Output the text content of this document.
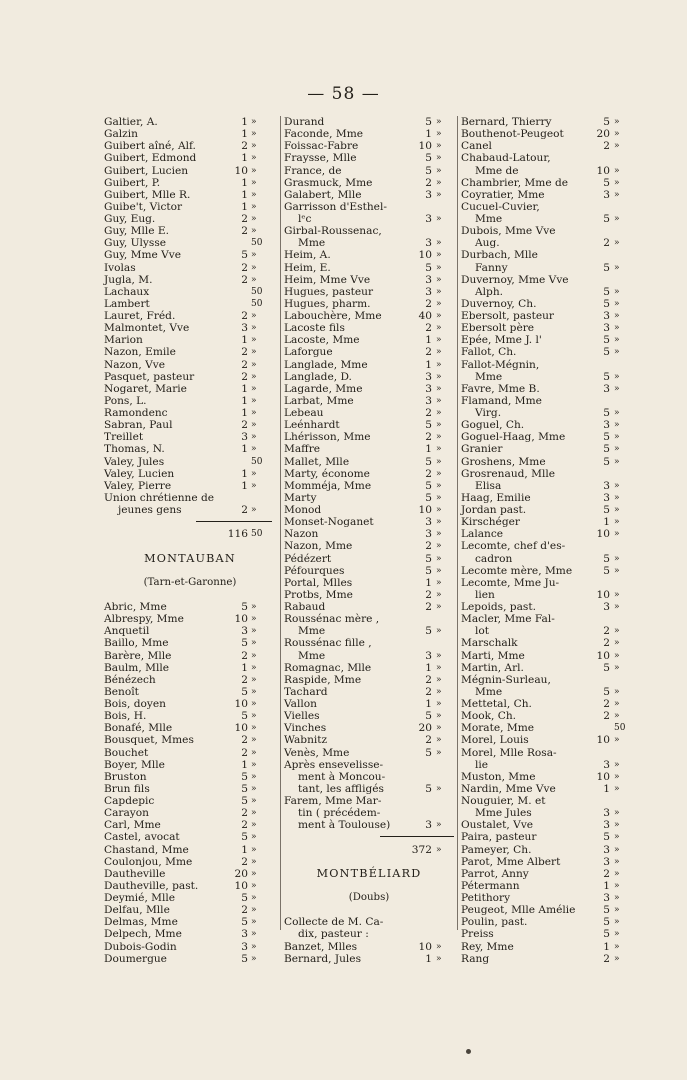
— 58 —
Galtier, A.	1 »
Galzin	1 »
Guibert aîné, Alf.	2 »
Guibert, Edmond	1 »
Guibert, Lucien	10 »
Guibert, P.	1 »
Guibert, Mlle R.	1 »
Guibe't, Victor	1 »
Guy, Eug.	2 »
Guy, Mlle E.	2 »
Guy, Ulysse	50
Guy, Mme Vve	5 »
Ivolas	2 »
Jugla, M.	2 »
Lachaux	50
Lambert	50
Lauret, Fréd.	2 »
Malmontet, Vve	3 »
Marion	1 »
Nazon, Emile	2 »
Nazon, Vve	2 »
Pasquet, pasteur	2 »
Nogaret, Marie	1 »
Pons, L.	1 »
Ramondenc	1 »
Sabran, Paul	2 »
Treillet	3 »
Thomas, N.	1 »
Valey, Jules	50
Valey, Lucien	1 »
Valey, Pierre	1 »
Union chrétienne de
jeunes gens	2 »
116 50
MONTAUBAN
(Tarn-et-Garonne)
Abric, Mme	5 »
Albrespy, Mme	10 »
Anquetil	3 »
Baillo, Mme	5 »
Barère, Mlle	2 »
Baulm, Mlle	1 »
Bénézech	2 »
Benoît	5 »
Bois, doyen	10 »
Bois, H.	5 »
Bonafé, Mlle	10 »
Bousquet, Mmes	2 »
Bouchet	2 »
Boyer, Mlle	1 »
Bruston	5 »
Brun fils	5 »
Capdepic	5 »
Carayon	2 »
Carl, Mme	2 »
Castel, avocat	5 »
Chastand, Mme	1 »
Coulonjou, Mme	2 »
Dautheville	20 »
Dautheville, past.	10 »
Deymié, Mlle	5 »
Delfau, Mlle	2 »
Delmas, Mme	5 »
Delpech, Mme	3 »
Dubois-Godin	3 »
Doumergue	5 »
Durand	5 »
Faconde, Mme	1 »
Foissac-Fabre	10 »
Fraysse, Mlle	5 »
France, de	5 »
Grasmuck, Mme	2 »
Galabert, Mlle	3 »
Garrisson d'Esthel-
lᵉc	3 »
Girbal-Roussenac,
Mme	3 »
Heim, A.	10 »
Heim, E.	5 »
Heim, Mme Vve	3 »
Hugues, pasteur	3 »
Hugues, pharm.	2 »
Labouchère, Mme	40 »
Lacoste fils	2 »
Lacoste, Mme	1 »
Laforgue	2 »
Langlade, Mme	1 »
Langlade, D.	3 »
Lagarde, Mme	3 »
Larbat, Mme	3 »
Lebeau	2 »
Leénhardt	5 »
Lhérisson, Mme	2 »
Maffre	1 »
Mallet, Mlle	5 »
Marty, économe	2 »
Momméja, Mme	5 »
Marty	5 »
Monod	10 »
Monset-Noganet	3 »
Nazon	3 »
Nazon, Mme	2 »
Pédézert	5 »
Péfourques	5 »
Portal, Mlles	1 »
Protbs, Mme	2 »
Rabaud	2 »
Roussénac mère ,
Mme	5 »
Roussénac fille ,
Mme	3 »
Romagnac, Mlle	1 »
Raspide, Mme	2 »
Tachard	2 »
Vallon	1 »
Vielles	5 »
Vinches	20 »
Wabnitz	2 »
Venès, Mme	5 »
Après ensevelisse-
ment à Moncou-
tant, les affligés	5 »
Farem, Mme Mar-
tin ( précédem-
ment à Toulouse)	3 »
372 »
MONTBÉLIARD
(Doubs)
Collecte de M. Ca-
dix, pasteur :
Banzet, Mlles	10 »
Bernard, Jules	1 »
Bernard, Thierry	5 »
Bouthenot-Peugeot	20 »
Canel	2 »
Chabaud-Latour,
Mme de	10 »
Chambrier, Mme de	5 »
Coyratier, Mme	3 »
Cucuel-Cuvier,
Mme	5 »
Dubois, Mme Vve
Aug.	2 »
Durbach, Mlle
Fanny	5 »
Duvernoy, Mme Vve
Alph.	5 »
Duvernoy, Ch.	5 »
Ebersolt, pasteur	3 »
Ebersolt père	3 »
Epée, Mme J. l'	5 »
Fallot, Ch.	5 »
Fallot-Mégnin,
Mme	5 »
Favre, Mme B.	3 »
Flamand, Mme
Virg.	5 »
Goguel, Ch.	3 »
Goguel-Haag, Mme	5 »
Granier	5 »
Groshens, Mme	5 »
Grosrenaud, Mlle
Elisa	3 »
Haag, Emilie	3 »
Jordan past.	5 »
Kirschéger	1 »
Lalance	10 »
Lecomte, chef d'es-
cadron	5 »
Lecomte mère, Mme	5 »
Lecomte, Mme Ju-
lien	10 »
Lepoids, past.	3 »
Macler, Mme Fal-
lot	2 »
Marschalk	2 »
Marti, Mme	10 »
Martin, Arl.	5 »
Mégnin-Surleau,
Mme	5 »
Mettetal, Ch.	2 »
Mook, Ch.	2 »
Morate, Mme	50
Morel, Louis	10 »
Morel, Mlle Rosa-
lie	3 »
Muston, Mme	10 »
Nardin, Mme Vve	1 »
Nouguier, M. et
Mme Jules	3 »
Oustalet, Vve	3 »
Paira, pasteur	5 »
Pameyer, Ch.	3 »
Parot, Mme Albert	3 »
Parrot, Anny	2 »
Pétermann	1 »
Petithory	3 »
Peugeot, Mlle Amélie	5 »
Poulin, past.	5 »
Preiss	5 »
Rey, Mme	1 »
Rang	2 »
